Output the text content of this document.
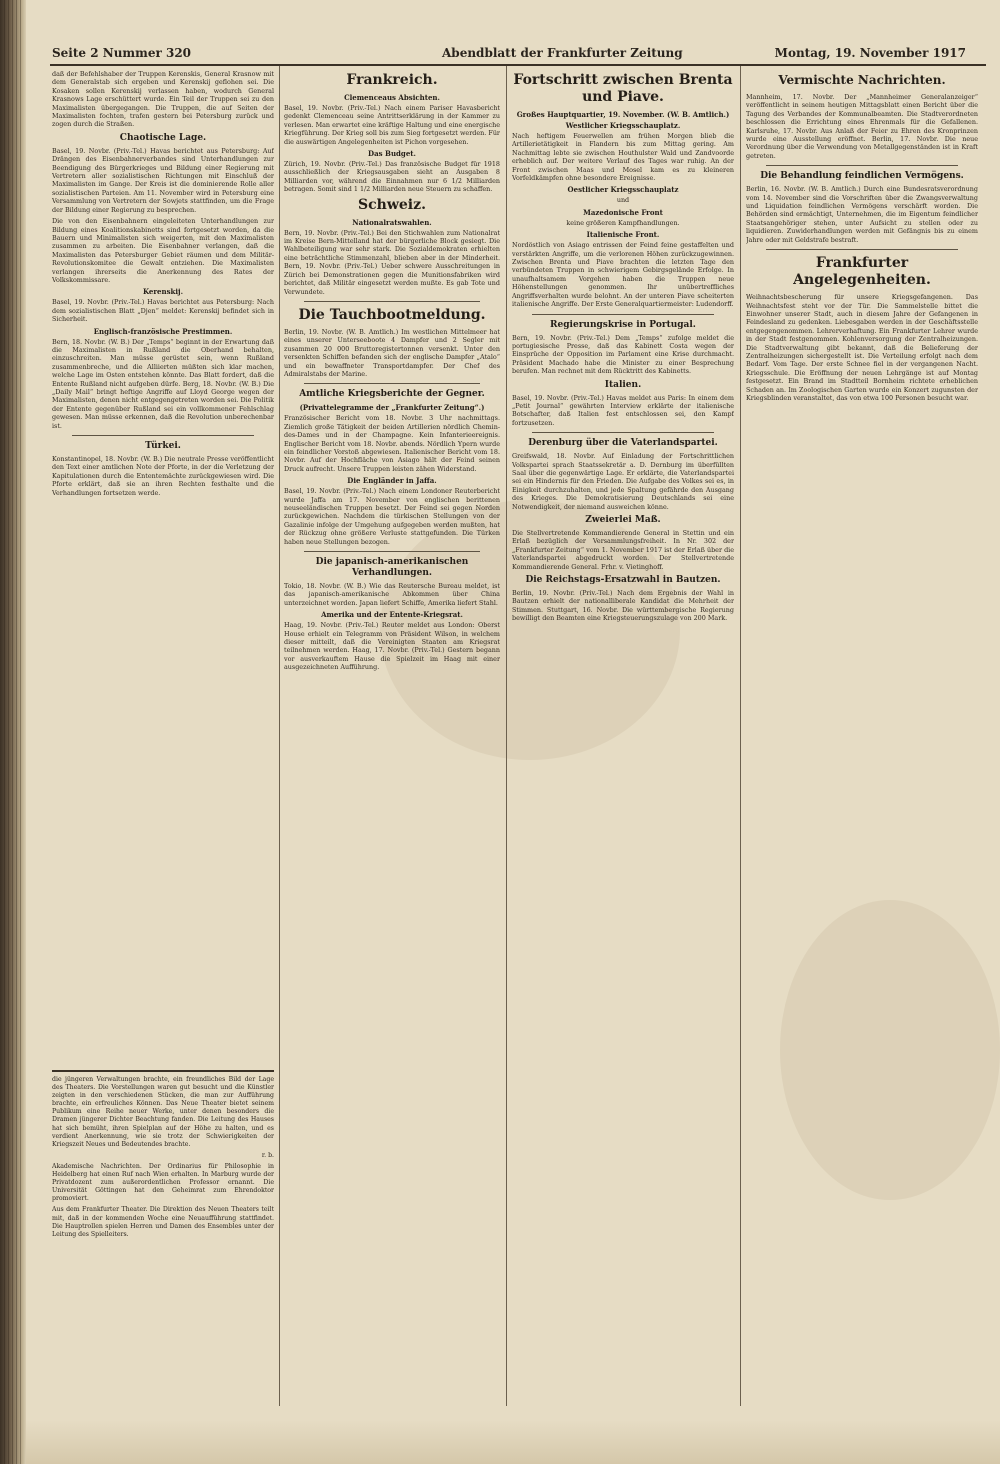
Seite 2 Nummer 320	Abendblatt der Frankfurter Zeitung	Montag, 19. November 1917

daß der Befehlshaber der Truppen Kerenskis, General Krasnow mit dem Generalstab sich ergeben und Kerenskij geflohen sei. Die Kosaken sollen Kerenskij verlassen haben, wodurch General Krasnows Lage erschüttert wurde. Ein Teil der Truppen sei zu den Maximalisten übergegangen. Die Truppen, die auf Seiten der Maximalisten fochten, trafen gestern bei Petersburg zurück und zogen durch die Straßen.

Chaotische Lage.

Basel, 19. Novbr. (Priv.-Tel.) Havas berichtet aus Petersburg: Auf Drängen des Eisenbahnerverbandes sind Unterhandlungen zur Beendigung des Bürgerkrieges und Bildung einer Regierung mit Vertretern aller sozialistischen Richtungen mit Einschluß der Maximalisten im Gange. Der Kreis ist die dominierende Rolle aller sozialistischen Parteien. Am 11. November wird in Petersburg eine Versammlung von Vertretern der Sowjets stattfinden, um die Frage der Bildung einer Regierung zu besprechen.

Die von den Eisenbahnern eingeleiteten Unterhandlungen zur Bildung eines Koalitionskabinetts sind fortgesetzt worden, da die Bauern und Minimalisten sich weigerten, mit den Maximalisten zusammen zu arbeiten. Die Eisenbahner verlangen, daß die Maximalisten das Petersburger Gebiet räumen und dem Militär-Revolutionskomitee die Gewalt entziehen. Die Maximalisten verlangen ihrerseits die Anerkennung des Rates der Volkskommissare.

Kerenskij.

Basel, 19. Novbr. (Priv.-Tel.) Havas berichtet aus Petersburg: Nach dem sozialistischen Blatt „Djen“ meldet: Kerenskij befindet sich in Sicherheit.

Englisch-französische Prestimmen.

Bern, 18. Novbr. (W. B.) Der „Temps“ beginnt in der Erwartung daß die Maximalisten in Rußland die Oberhand behalten, einzuschreiten. Man müsse gerüstet sein, wenn Rußland zusammenbreche, und die Alliierten müßten sich klar machen, welche Lage im Osten entstehen könnte. Das Blatt fordert, daß die Entente Rußland nicht aufgeben dürfe. Berg, 18. Novbr. (W. B.) Die „Daily Mail“ bringt heftige Angriffe auf Lloyd George wegen der Maximalisten, denen nicht entgegengetreten worden sei. Die Politik der Entente gegenüber Rußland sei ein vollkommener Fehlschlag gewesen. Man müsse erkennen, daß die Revolution unberechenbar ist.

Türkei.

Konstantinopel, 18. Novbr. (W. B.) Die neutrale Presse veröffentlicht den Text einer amtlichen Note der Pforte, in der die Verletzung der Kapitulationen durch die Ententemächte zurückgewiesen wird. Die Pforte erklärt, daß sie an ihren Rechten festhalte und die Verhandlungen fortsetzen werde.

die jüngeren Verwaltungen brachte, ein freundliches Bild der Lage des Theaters. Die Vorstellungen waren gut besucht und die Künstler zeigten in den verschiedenen Stücken, die man zur Aufführung brachte, ein erfreuliches Können. Das Neue Theater bietet seinem Publikum eine Reihe neuer Werke, unter denen besonders die Dramen jüngerer Dichter Beachtung fanden. Die Leitung des Hauses hat sich bemüht, ihren Spielplan auf der Höhe zu halten, und es verdient Anerkennung, wie sie trotz der Schwierigkeiten der Kriegszeit Neues und Bedeutendes brachte.

r. b.

Akademische Nachrichten. Der Ordinarius für Philosophie in Heidelberg hat einen Ruf nach Wien erhalten. In Marburg wurde der Privatdozent zum außerordentlichen Professor ernannt. Die Universität Göttingen hat den Geheimrat zum Ehrendoktor promoviert.

Aus dem Frankfurter Theater. Die Direktion des Neuen Theaters teilt mit, daß in der kommenden Woche eine Neuaufführung stattfindet. Die Hauptrollen spielen Herren und Damen des Ensembles unter der Leitung des Spielleiters.

Frankreich.
Clemenceaus Absichten.

Basel, 19. Novbr. (Priv.-Tel.) Nach einem Pariser Havasbericht gedenkt Clemenceau seine Antrittserklärung in der Kammer zu verlesen. Man erwartet eine kräftige Haltung und eine energische Kriegführung. Der Krieg soll bis zum Sieg fortgesetzt werden. Für die auswärtigen Angelegenheiten ist Pichon vorgesehen.

Das Budget.

Zürich, 19. Novbr. (Priv.-Tel.) Das französische Budget für 1918 ausschließlich der Kriegsausgaben sieht an Ausgaben 8 Milliarden vor, während die Einnahmen nur 6 1/2 Milliarden betragen. Somit sind 1 1/2 Milliarden neue Steuern zu schaffen.

Schweiz.
Nationalratswahlen.

Bern, 19. Novbr. (Priv.-Tel.) Bei den Stichwahlen zum Nationalrat im Kreise Bern-Mittelland hat der bürgerliche Block gesiegt. Die Wahlbeteiligung war sehr stark. Die Sozialdemokraten erhielten eine beträchtliche Stimmenzahl, blieben aber in der Minderheit. Bern, 19. Novbr. (Priv.-Tel.) Ueber schwere Ausschreitungen in Zürich bei Demonstrationen gegen die Munitionsfabriken wird berichtet, daß Militär eingesetzt werden mußte. Es gab Tote und Verwundete.

Die Tauchbootmeldung.

Berlin, 19. Novbr. (W. B. Amtlich.) Im westlichen Mittelmeer hat eines unserer Unterseeboote 4 Dampfer und 2 Segler mit zusammen 20 000 Bruttoregistertonnen versenkt. Unter den versenkten Schiffen befanden sich der englische Dampfer „Atalo“ und ein bewaffneter Transportdampfer. Der Chef des Admiralstabs der Marine.

Amtliche Kriegsberichte der Gegner.
(Privattelegramme der „Frankfurter Zeitung“.)

Französischer Bericht vom 18. Novbr. 3 Uhr nachmittags. Ziemlich große Tätigkeit der beiden Artillerien nördlich Chemin-des-Dames und in der Champagne. Kein Infanterieereignis. Englischer Bericht vom 18. Novbr. abends. Nördlich Ypern wurde ein feindlicher Vorstoß abgewiesen. Italienischer Bericht vom 18. Novbr. Auf der Hochfläche von Asiago hält der Feind seinen Druck aufrecht. Unsere Truppen leisten zähen Widerstand.

Die Engländer in Jaffa.

Basel, 19. Novbr. (Priv.-Tel.) Nach einem Londoner Reuterbericht wurde Jaffa am 17. November von englischen berittenen neuseeländischen Truppen besetzt. Der Feind sei gegen Norden zurückgewichen. Nachdem die türkischen Stellungen von der Gazalinie infolge der Umgehung aufgegeben werden mußten, hat der Rückzug ohne größere Verluste stattgefunden. Die Türken haben neue Stellungen bezogen.

Die japanisch-amerikanischen Verhandlungen.

Tokio, 18. Novbr. (W. B.) Wie das Reutersche Bureau meldet, ist das japanisch-amerikanische Abkommen über China unterzeichnet worden. Japan liefert Schiffe, Amerika liefert Stahl.

Amerika und der Entente-Kriegsrat.

Haag, 19. Novbr. (Priv.-Tel.) Reuter meldet aus London: Oberst House erhielt ein Telegramm von Präsident Wilson, in welchem dieser mitteilt, daß die Vereinigten Staaten am Kriegsrat teilnehmen werden. Haag, 17. Novbr. (Priv.-Tel.) Gestern begann vor ausverkauftem Hause die Spielzeit im Haag mit einer ausgezeichneten Aufführung.

Fortschritt zwischen Brenta und Piave.
Großes Hauptquartier, 19. November. (W. B. Amtlich.)
Westlicher Kriegsschauplatz.

Nach heftigem Feuerwellen am frühen Morgen blieb die Artillerietätigkeit in Flandern bis zum Mittag gering. Am Nachmittag lebte sie zwischen Houthulster Wald und Zandvoorde erheblich auf. Der weitere Verlauf des Tages war ruhig. An der Front zwischen Maas und Mosel kam es zu kleineren Vorfeldkämpfen ohne besondere Ereignisse.

Oestlicher Kriegsschauplatz

und

Mazedonische Front

keine größeren Kampfhandlungen.

Italienische Front.

Nordöstlich von Asiago entrissen der Feind feine gestaffelten und verstärkten Angriffe, um die verlorenen Höhen zurückzugewinnen. Zwischen Brenta und Piave brachten die letzten Tage den verbündeten Truppen in schwierigem Gebirgsgelände Erfolge. In unaufhaltsamem Vorgehen haben die Truppen neue Höhenstellungen genommen. Ihr unübertreffliches Angriffsverhalten wurde belohnt. An der unteren Piave scheiterten italienische Angriffe. Der Erste Generalquartiermeister: Ludendorff.

Regierungskrise in Portugal.

Bern, 19. Novbr. (Priv.-Tel.) Dem „Temps“ zufolge meldet die portugiesische Presse, daß das Kabinett Costa wegen der Einsprüche der Opposition im Parlament eine Krise durchmacht. Präsident Machado habe die Minister zu einer Besprechung berufen. Man rechnet mit dem Rücktritt des Kabinetts.

Italien.

Basel, 19. Novbr. (Priv.-Tel.) Havas meldet aus Paris: In einem dem „Petit Journal“ gewährten Interview erklärte der italienische Botschafter, daß Italien fest entschlossen sei, den Kampf fortzusetzen.

Derenburg über die Vaterlandspartei.

Greifswald, 18. Novbr. Auf Einladung der Fortschrittlichen Volkspartei sprach Staatssekretär a. D. Dernburg im überfüllten Saal über die gegenwärtige Lage. Er erklärte, die Vaterlandspartei sei ein Hindernis für den Frieden. Die Aufgabe des Volkes sei es, in Einigkeit durchzuhalten, und jede Spaltung gefährde den Ausgang des Krieges. Die Demokratisierung Deutschlands sei eine Notwendigkeit, der niemand ausweichen könne.

Zweierlei Maß.

Die Stellvertretende Kommandierende General in Stettin und ein Erlaß bezüglich der Versammlungsfreiheit. In Nr. 302 der „Frankfurter Zeitung“ vom 1. November 1917 ist der Erlaß über die Vaterlandspartei abgedruckt worden. Der Stellvertretende Kommandierende General. Frhr. v. Vietinghoff.

Die Reichstags-Ersatzwahl in Bautzen.

Berlin, 19. Novbr. (Priv.-Tel.) Nach dem Ergebnis der Wahl in Bautzen erhielt der nationalliberale Kandidat die Mehrheit der Stimmen. Stuttgart, 16. Novbr. Die württembergische Regierung bewilligt den Beamten eine Kriegsteuerungszulage von 200 Mark.

Vermischte Nachrichten.

Mannheim, 17. Novbr. Der „Mannheimer Generalanzeiger“ veröffentlicht in seinem heutigen Mittagsblatt einen Bericht über die Tagung des Verbandes der Kommunalbeamten. Die Stadtverordneten beschlossen die Errichtung eines Ehrenmals für die Gefallenen. Karlsruhe, 17. Novbr. Aus Anlaß der Feier zu Ehren des Kronprinzen wurde eine Ausstellung eröffnet. Berlin, 17. Novbr. Die neue Verordnung über die Verwendung von Metallgegenständen ist in Kraft getreten.

Die Behandlung feindlichen Vermögens.

Berlin, 16. Novbr. (W. B. Amtlich.) Durch eine Bundesratsverordnung vom 14. November sind die Vorschriften über die Zwangsverwaltung und Liquidation feindlichen Vermögens verschärft worden. Die Behörden sind ermächtigt, Unternehmen, die im Eigentum feindlicher Staatsangehöriger stehen, unter Aufsicht zu stellen oder zu liquidieren. Zuwiderhandlungen werden mit Gefängnis bis zu einem Jahre oder mit Geldstrafe bestraft.

Frankfurter Angelegenheiten.

Weihnachtsbescherung für unsere Kriegsgefangenen. Das Weihnachtsfest steht vor der Tür. Die Sammelstelle bittet die Einwohner unserer Stadt, auch in diesem Jahre der Gefangenen in Feindesland zu gedenken. Liebesgaben werden in der Geschäftsstelle entgegengenommen. Lehrerverhaftung. Ein Frankfurter Lehrer wurde in der Stadt festgenommen. Kohlenversorgung der Zentralheizungen. Die Stadtverwaltung gibt bekannt, daß die Belieferung der Zentralheizungen sichergestellt ist. Die Verteilung erfolgt nach dem Bedarf. Vom Tage. Der erste Schnee fiel in der vergangenen Nacht. Kriegsschule. Die Eröffnung der neuen Lehrgänge ist auf Montag festgesetzt. Ein Brand im Stadtteil Bornheim richtete erheblichen Schaden an. Im Zoologischen Garten wurde ein Konzert zugunsten der Kriegsblinden veranstaltet, das von etwa 100 Personen besucht war.
